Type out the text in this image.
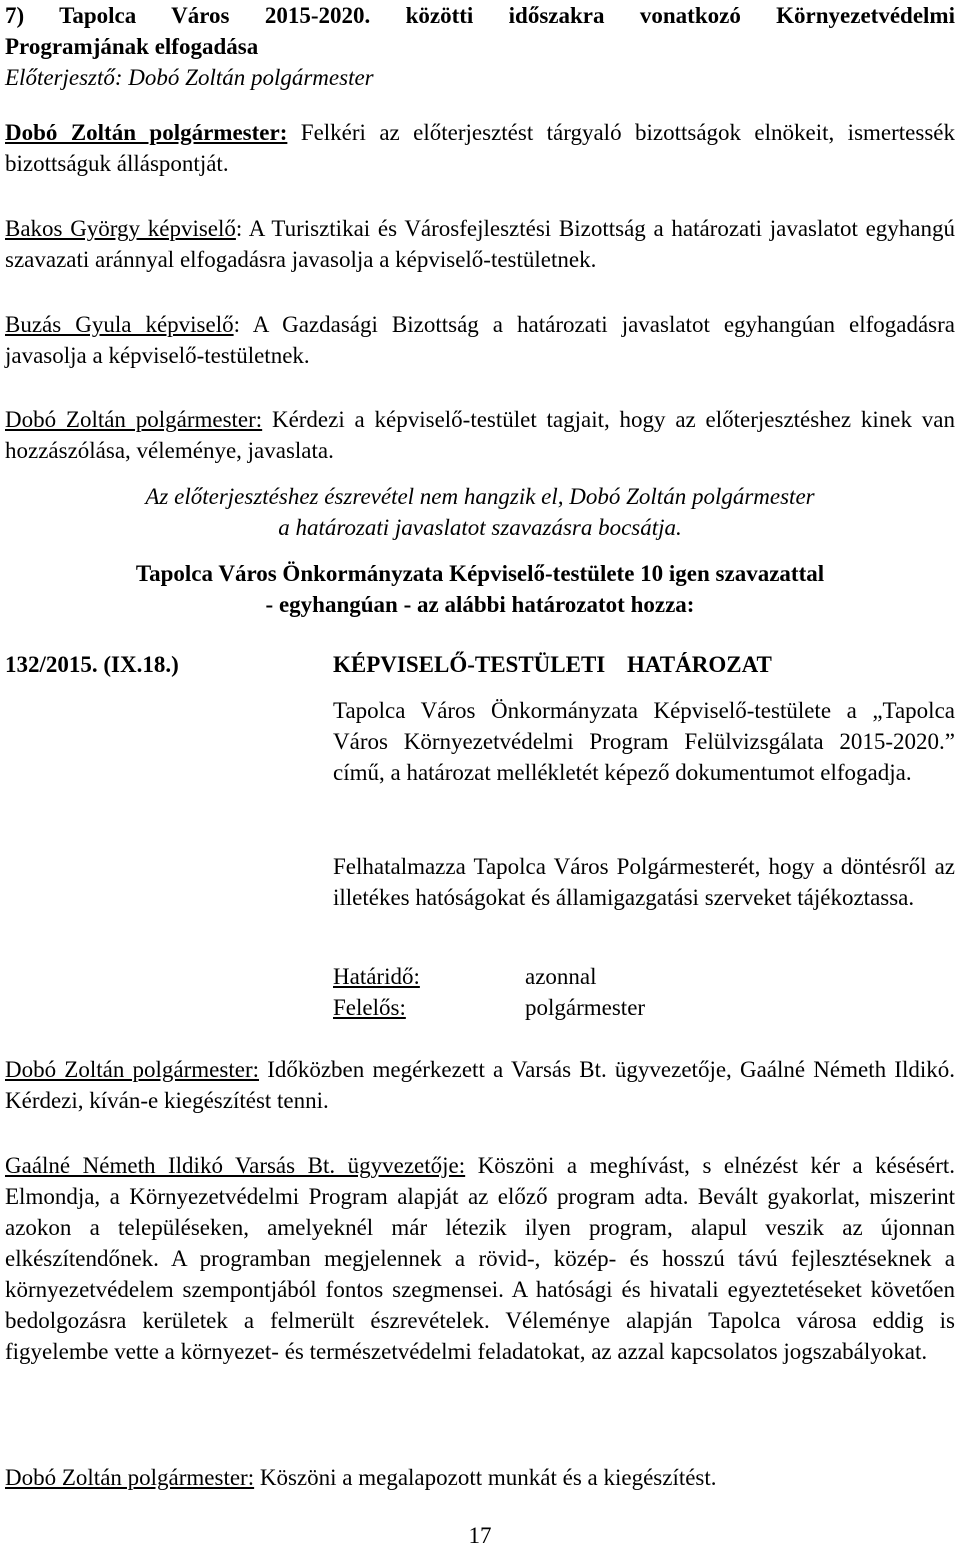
7) Tapolca Város 2015-2020. közötti időszakra vonatkozó Környezetvédelmi

Programjának elfogadása

Előterjesztő: Dobó Zoltán polgármester

Dobó Zoltán polgármester: Felkéri az előterjesztést tárgyaló bizottságok elnökeit, ismertessék bizottságuk álláspontját.

Bakos György képviselő: A Turisztikai és Városfejlesztési Bizottság a határozati javaslatot egyhangú szavazati aránnyal elfogadásra javasolja a képviselő-testületnek.

Buzás Gyula képviselő: A Gazdasági Bizottság a határozati javaslatot egyhangúan elfogadásra javasolja a képviselő-testületnek.

Dobó Zoltán polgármester: Kérdezi a képviselő-testület tagjait, hogy az előterjesztéshez kinek van hozzászólása, véleménye, javaslata.

Az előterjesztéshez észrevétel nem hangzik el, Dobó Zoltán polgármester a határozati javaslatot szavazásra bocsátja.

Tapolca Város Önkormányzata Képviselő-testülete 10 igen szavazattal

- egyhangúan - az alábbi határozatot hozza:

132/2015. (IX.18.)	KÉPVISELŐ-TESTÜLETI HATÁROZAT

Tapolca Város Önkormányzata Képviselő-testülete a „Tapolca Város Környezetvédelmi Program Felülvizsgálata 2015-2020.” című, a határozat mellékletét képező dokumentumot elfogadja.

Felhatalmazza Tapolca Város Polgármesterét, hogy a döntésről az illetékes hatóságokat és államigazgatási szerveket tájékoztassa.

Határidő:	azonnal

Felelős:	polgármester

Dobó Zoltán polgármester: Időközben megérkezett a Varsás Bt. ügyvezetője, Gaálné Németh Ildikó. Kérdezi, kíván-e kiegészítést tenni.

Gaálné Németh Ildikó Varsás Bt. ügyvezetője: Köszöni a meghívást, s elnézést kér a késésért. Elmondja, a Környezetvédelmi Program alapját az előző program adta. Bevált gyakorlat, miszerint azokon a településeken, amelyeknél már létezik ilyen program, alapul veszik az újonnan elkészítendőnek. A programban megjelennek a rövid-, közép- és hosszú távú fejlesztéseknek a környezetvédelem szempontjából fontos szegmensei. A hatósági és hivatali egyeztetéseket követően bedolgozásra kerületek a felmerült észrevételek. Véleménye alapján Tapolca városa eddig is figyelembe vette a környezet- és természetvédelmi feladatokat, az azzal kapcsolatos jogszabályokat.

Dobó Zoltán polgármester: Köszöni a megalapozott munkát és a kiegészítést.

17
